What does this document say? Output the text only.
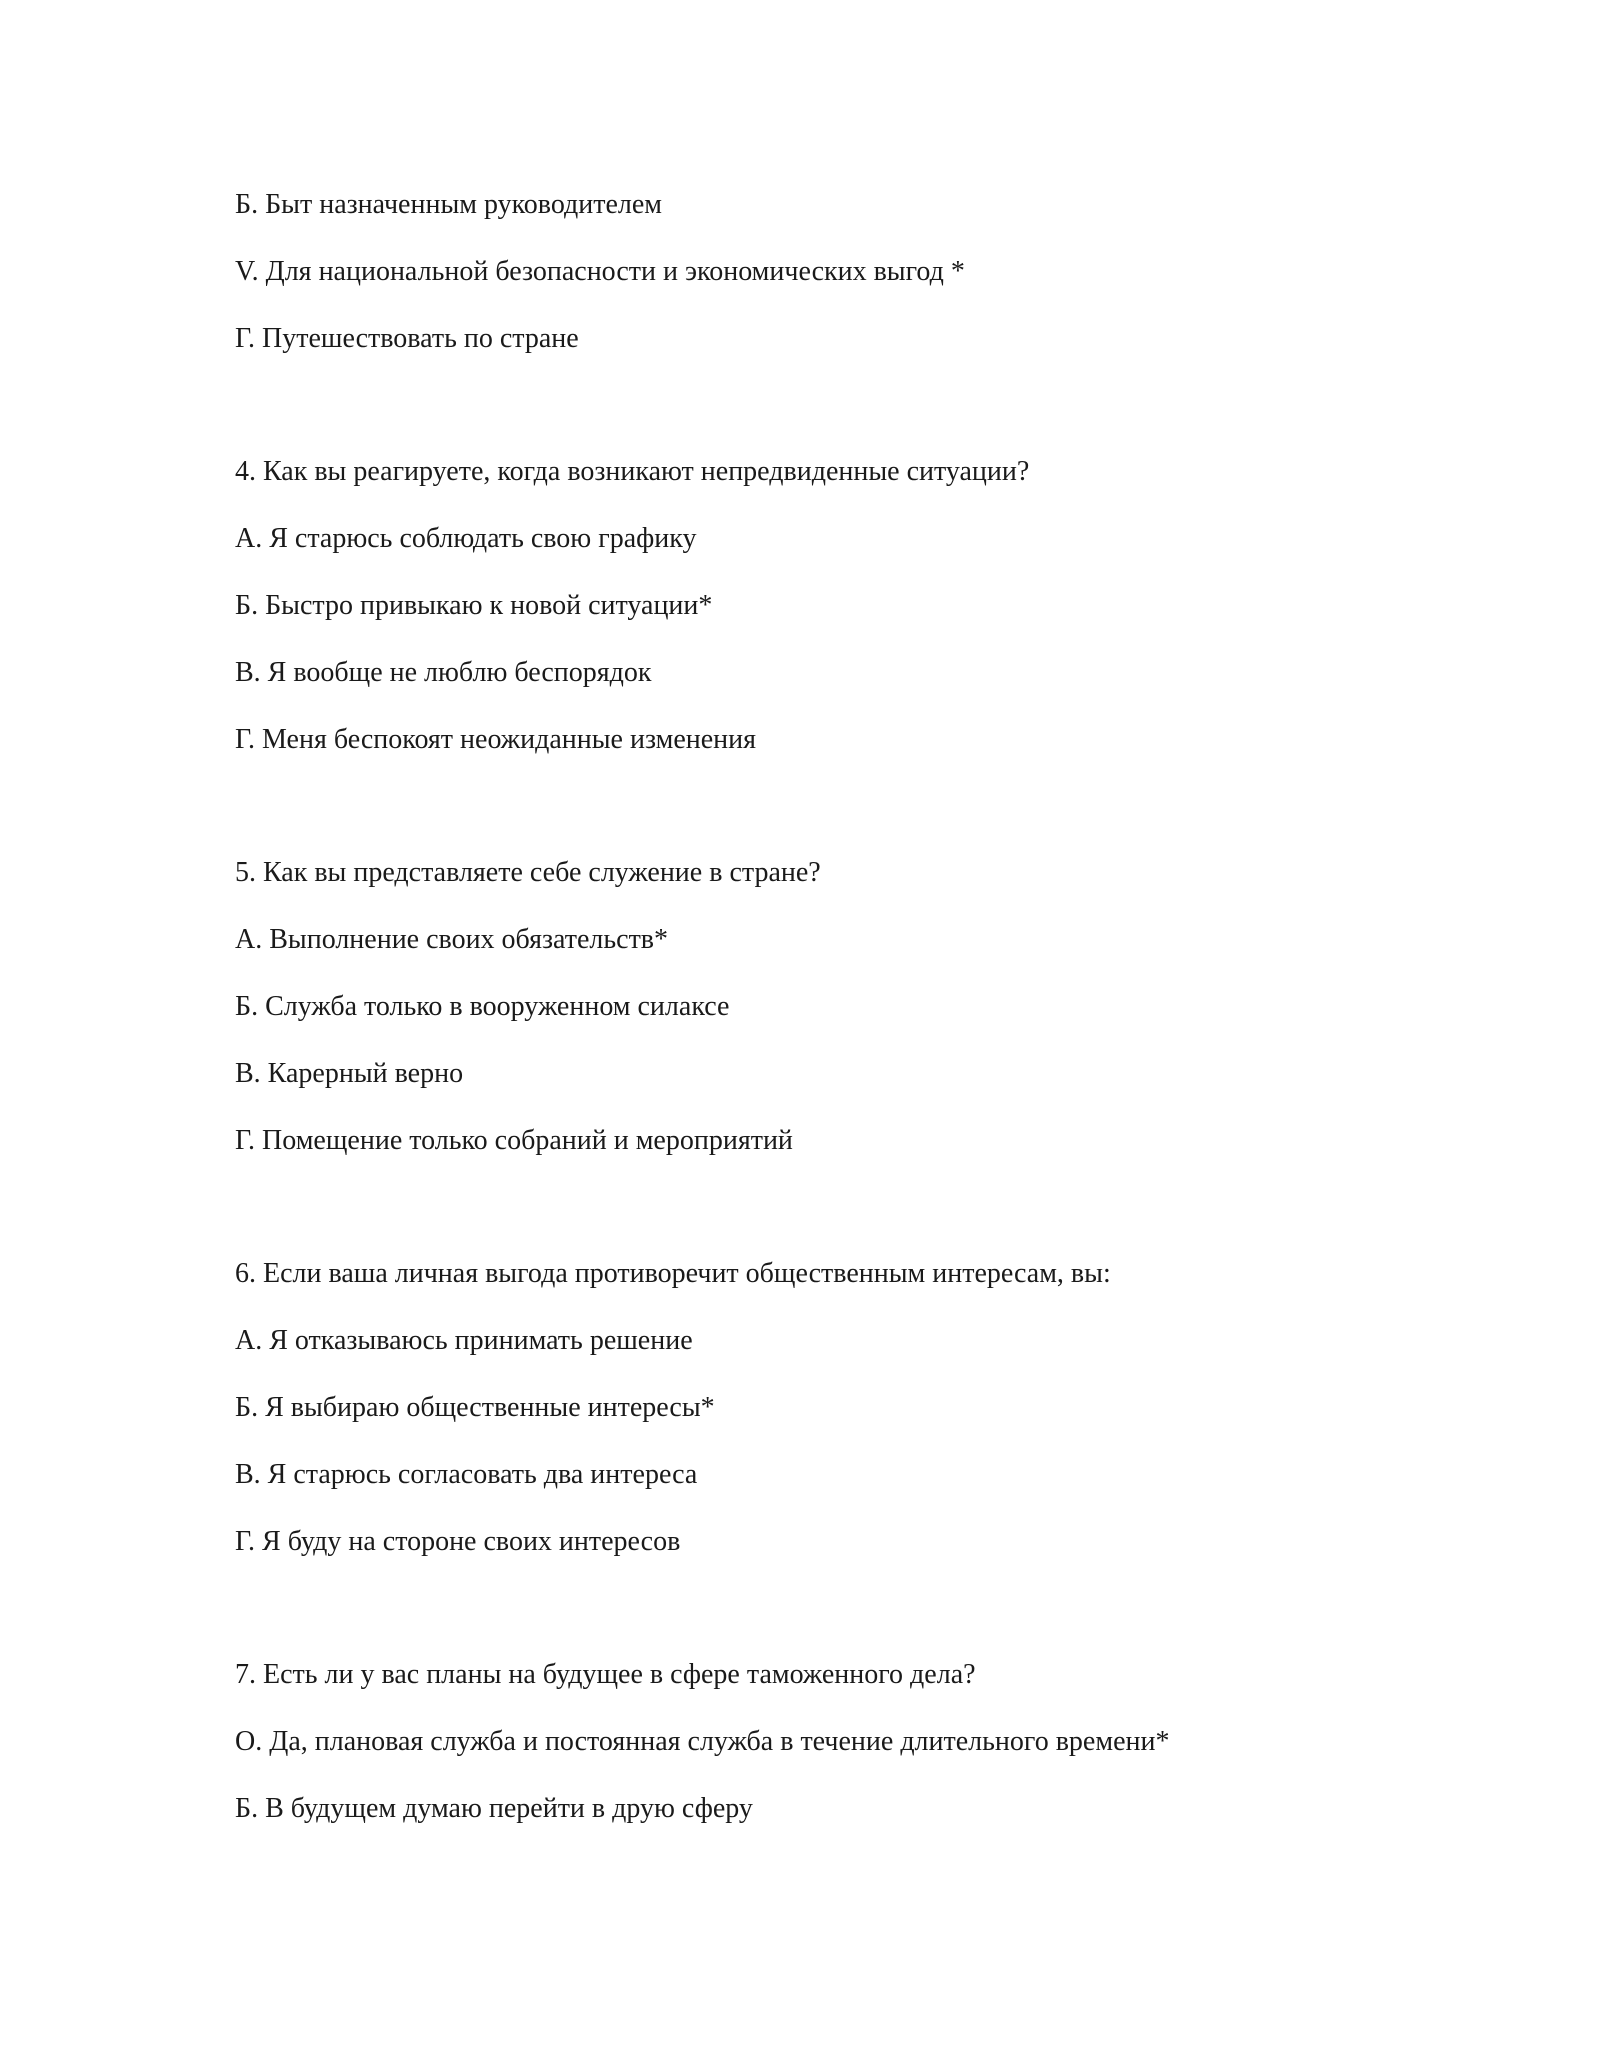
Б. Быт назначенным руководителем

V. Для национальной безопасности и экономических выгод *

Г. Путешествовать по стране

4. Как вы реагируете, когда возникают непредвиденные ситуации?

А. Я старюсь соблюдать свою графику

Б. Быстро привыкаю к новой ситуации*

В. Я вообще не люблю беспорядок

Г. Меня беспокоят неожиданные изменения

5. Как вы представляете себе служение в стране?

А. Выполнение своих обязательств*

Б. Служба только в вооруженном силаксе

В. Карерный верно

Г. Помещение только собраний и мероприятий

6. Если ваша личная выгода противоречит общественным интересам, вы:

А. Я отказываюсь принимать решение

Б. Я выбираю общественные интересы*

В. Я старюсь согласовать два интереса

Г. Я буду на стороне своих интересов

7. Есть ли у вас планы на будущее в сфере таможенного дела?

О. Да, плановая служба и постоянная служба в течение длительного времени*

Б. В будущем думаю перейти в друю сферу
